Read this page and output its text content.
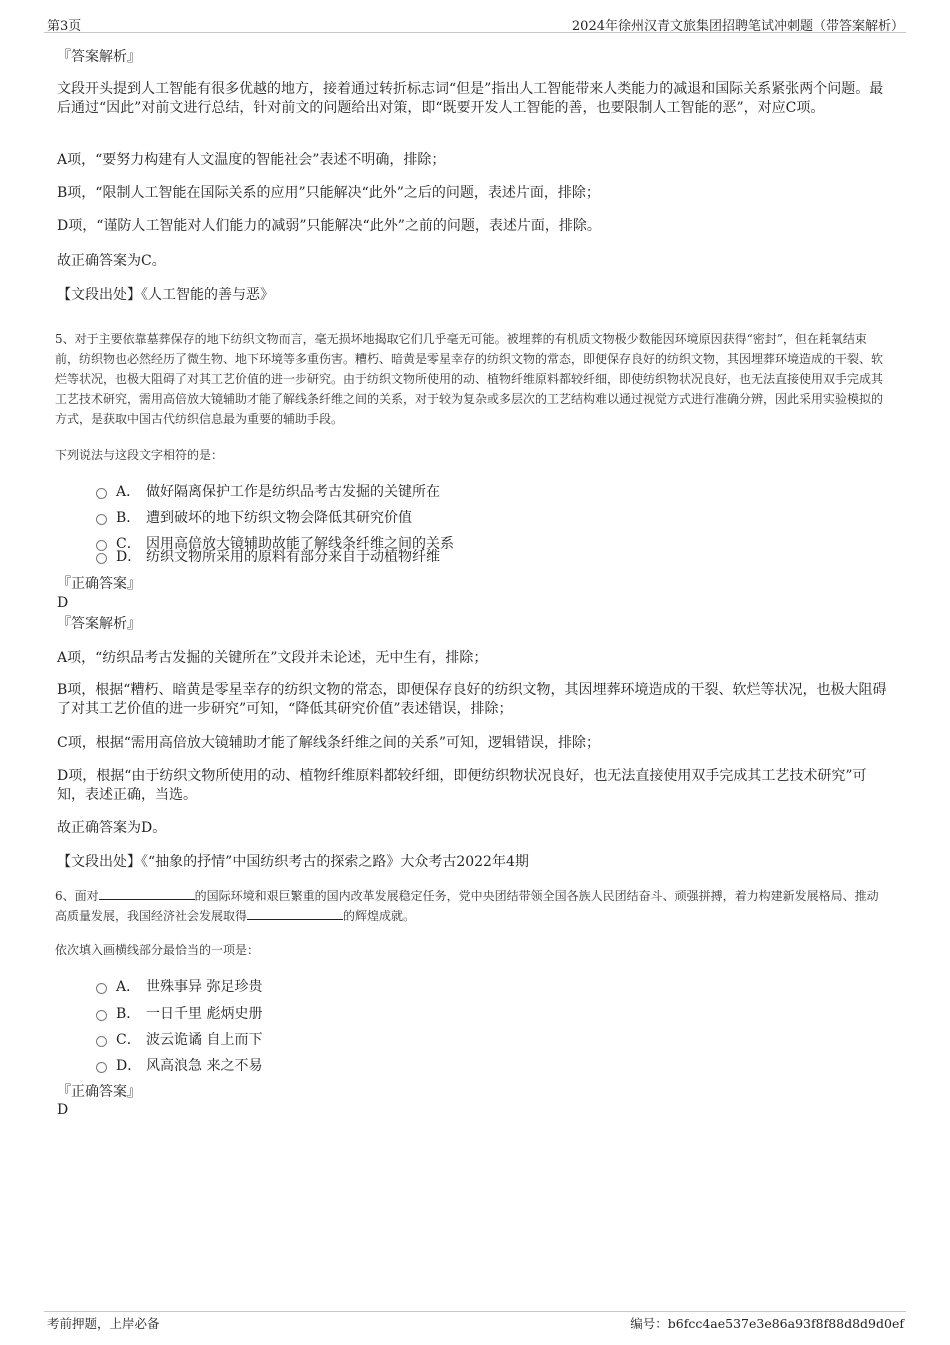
第3页	2024年徐州汉青文旅集团招聘笔试冲刺题（带答案解析）
『答案解析』
文段开头提到人工智能有很多优越的地方，接着通过转折标志词“但是”指出人工智能带来人类能力的减退和国际关系紧张两个问题。最后通过“因此”对前文进行总结，针对前文的问题给出对策，即“既要开发人工智能的善，也要限制人工智能的恶”，对应C项。
A项，“要努力构建有人文温度的智能社会”表述不明确，排除；
B项，“限制人工智能在国际关系的应用”只能解决“此外”之后的问题，表述片面，排除；
D项，“谨防人工智能对人们能力的减弱”只能解决“此外”之前的问题，表述片面，排除。
故正确答案为C。
【文段出处】《人工智能的善与恶》
5、对于主要依靠墓葬保存的地下纺织文物而言，毫无损坏地揭取它们几乎毫无可能。被埋葬的有机质文物极少数能因环境原因获得“密封”，但在耗氧结束前，纺织物也必然经历了微生物、地下环境等多重伤害。糟朽、暗黄是零星幸存的纺织文物的常态，即便保存良好的纺织文物，其因埋葬环境造成的干裂、软烂等状况，也极大阻碍了对其工艺价值的进一步研究。由于纺织文物所使用的动、植物纤维原料都较纤细，即使纺织物状况良好，也无法直接使用双手完成其工艺技术研究，需用高倍放大镜辅助才能了解线条纤维之间的关系，对于较为复杂或多层次的工艺结构难以通过视觉方式进行准确分辨，因此采用实验模拟的方式，是获取中国古代纺织信息最为重要的辅助手段。
下列说法与这段文字相符的是：
A． 做好隔离保护工作是纺织品考古发掘的关键所在
B． 遭到破坏的地下纺织文物会降低其研究价值
C． 因用高倍放大镜辅助故能了解线条纤维之间的关系
D． 纺织文物所采用的原料有部分来自于动植物纤维
『正确答案』
D
『答案解析』
A项，“纺织品考古发掘的关键所在”文段并未论述，无中生有，排除；
B项，根据“糟朽、暗黄是零星幸存的纺织文物的常态，即便保存良好的纺织文物，其因埋葬环境造成的干裂、软烂等状况，也极大阻碍了对其工艺价值的进一步研究”可知，“降低其研究价值”表述错误，排除；
C项，根据“需用高倍放大镜辅助才能了解线条纤维之间的关系”可知，逻辑错误，排除；
D项，根据“由于纺织文物所使用的动、植物纤维原料都较纤细，即便纺织物状况良好，也无法直接使用双手完成其工艺技术研究”可知，表述正确，当选。
故正确答案为D。
【文段出处】《“抽象的抒情”中国纺织考古的探索之路》大众考古2022年4期
6、面对	的国际环境和艰巨繁重的国内改革发展稳定任务，党中央团结带领全国各族人民团结奋斗、顽强拼搏，着力构建新发展格局、推动高质量发展，我国经济社会发展取得	的辉煌成就。
依次填入画横线部分最恰当的一项是：
A． 世殊事异 弥足珍贵
B． 一日千里 彪炳史册
C． 波云诡谲 自上而下
D． 风高浪急 来之不易
『正确答案』
D
考前押题，上岸必备	编号：b6fcc4ae537e3e86a93f8f88d8d9d0ef
